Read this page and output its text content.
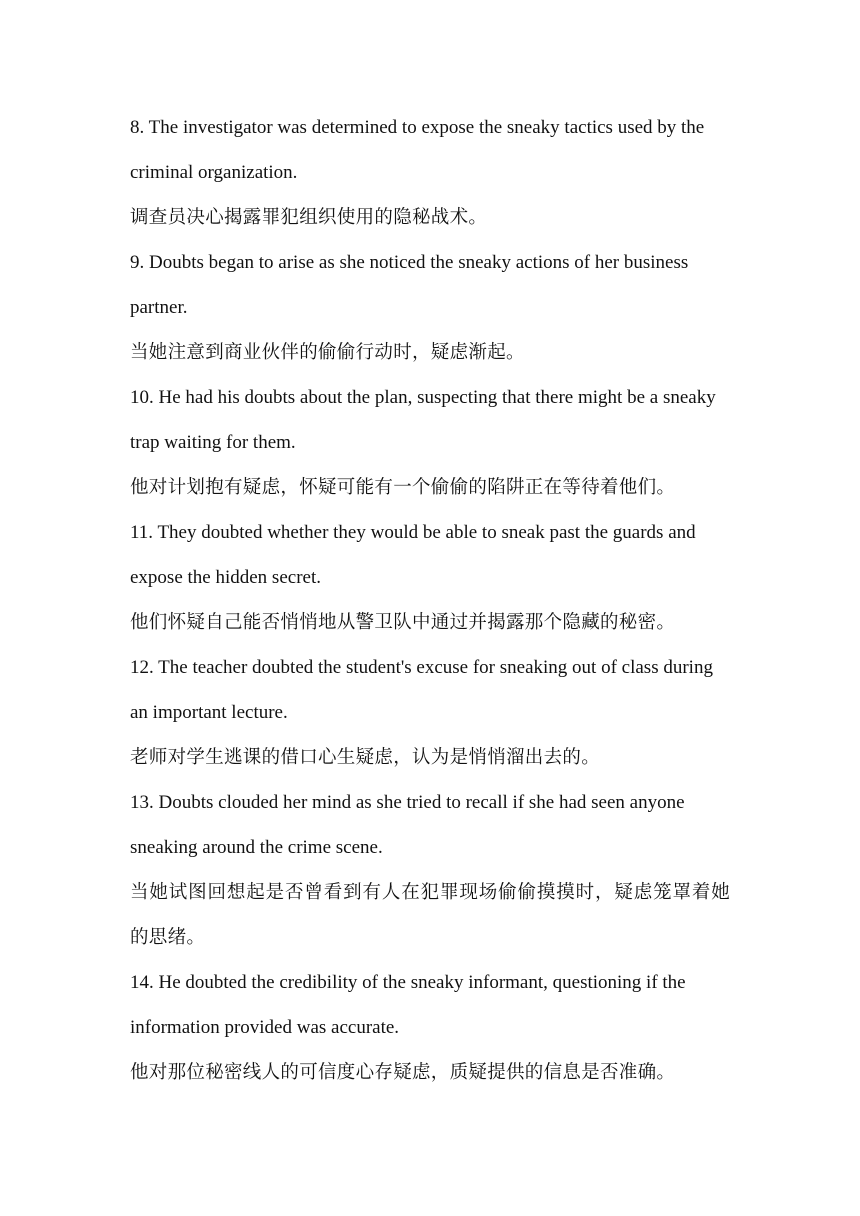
8. The investigator was determined to expose the sneaky tactics used by the criminal organization.
调查员决心揭露罪犯组织使用的隐秘战术。
9. Doubts began to arise as she noticed the sneaky actions of her business partner.
当她注意到商业伙伴的偷偷行动时，疑虑渐起。
10. He had his doubts about the plan, suspecting that there might be a sneaky trap waiting for them.
他对计划抱有疑虑，怀疑可能有一个偷偷的陷阱正在等待着他们。
11. They doubted whether they would be able to sneak past the guards and expose the hidden secret.
他们怀疑自己能否悄悄地从警卫队中通过并揭露那个隐藏的秘密。
12. The teacher doubted the student's excuse for sneaking out of class during an important lecture.
老师对学生逃课的借口心生疑虑，认为是悄悄溜出去的。
13. Doubts clouded her mind as she tried to recall if she had seen anyone sneaking around the crime scene.
当她试图回想起是否曾看到有人在犯罪现场偷偷摸摸时，疑虑笼罩着她的思绪。
14. He doubted the credibility of the sneaky informant, questioning if the information provided was accurate.
他对那位秘密线人的可信度心存疑虑，质疑提供的信息是否准确。
